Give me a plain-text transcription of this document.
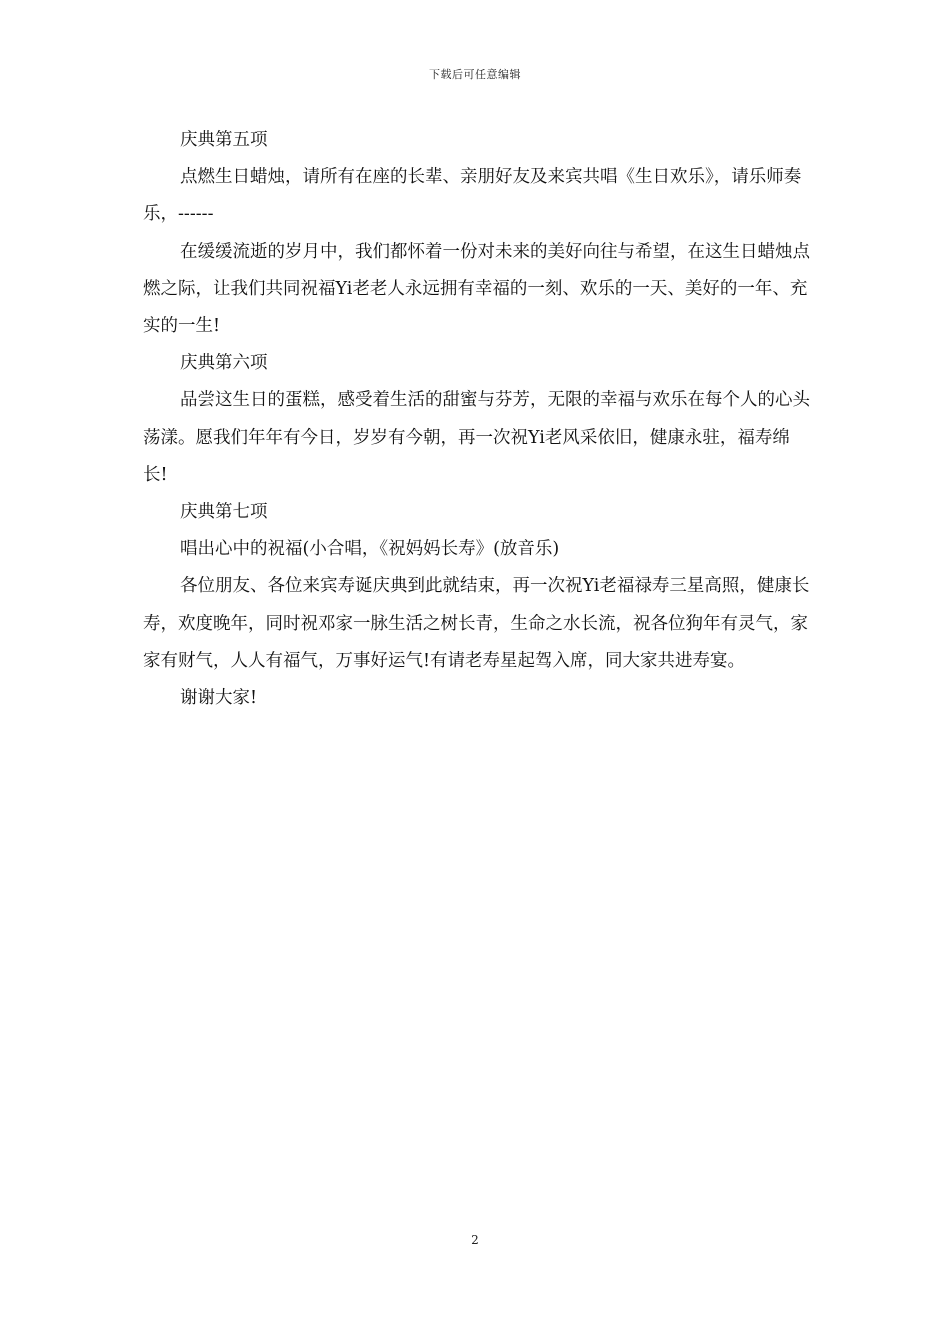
下载后可任意编辑

庆典第五项

点燃生日蜡烛，请所有在座的长辈、亲朋好友及来宾共唱《生日欢乐》，请乐师奏乐，------

在缓缓流逝的岁月中，我们都怀着一份对未来的美好向往与希望，在这生日蜡烛点燃之际，让我们共同祝福Yi老老人永远拥有幸福的一刻、欢乐的一天、美好的一年、充实的一生!

庆典第六项

品尝这生日的蛋糕，感受着生活的甜蜜与芬芳，无限的幸福与欢乐在每个人的心头荡漾。愿我们年年有今日，岁岁有今朝，再一次祝Yi老风采依旧，健康永驻，福寿绵长!

庆典第七项

唱出心中的祝福(小合唱，《祝妈妈长寿》(放音乐)

各位朋友、各位来宾寿诞庆典到此就结束，再一次祝Yi老福禄寿三星高照，健康长寿，欢度晚年，同时祝邓家一脉生活之树长青，生命之水长流，祝各位狗年有灵气，家家有财气，人人有福气，万事好运气!有请老寿星起驾入席，同大家共进寿宴。

谢谢大家!

2
